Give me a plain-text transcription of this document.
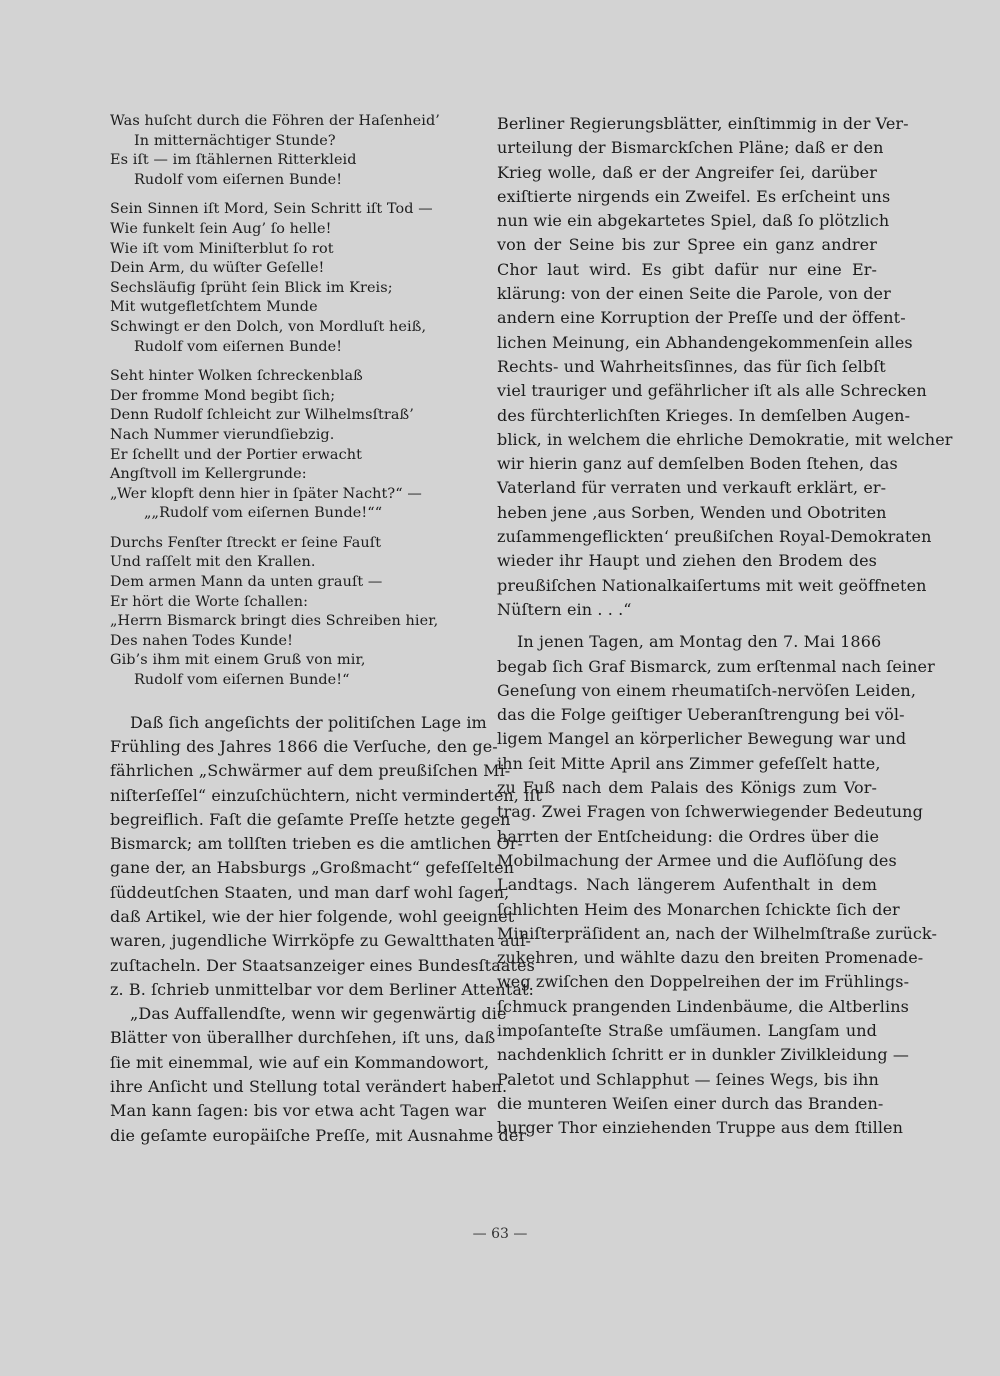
Was huſcht durch die Föhren der Haſenheid’
In mitternächtiger Stunde?
Es iſt — im ſtählernen Ritterkleid
Rudolf vom eiſernen Bunde!
Sein Sinnen iſt Mord, Sein Schritt iſt Tod —
Wie funkelt ſein Aug’ ſo helle!
Wie iſt vom Miniſterblut ſo rot
Dein Arm, du wüſter Geſelle!
Sechsläufig ſprüht ſein Blick im Kreis;
Mit wutgefletſchtem Munde
Schwingt er den Dolch, von Mordluſt heiß,
Rudolf vom eiſernen Bunde!
Seht hinter Wolken ſchreckenblaß
Der fromme Mond begibt ſich;
Denn Rudolf ſchleicht zur Wilhelmsſtraß’
Nach Nummer vierundſiebzig.
Er ſchellt und der Portier erwacht
Angſtvoll im Kellergrunde:
„Wer klopft denn hier in ſpäter Nacht?“ —
„„Rudolf vom eiſernen Bunde!““
Durchs Fenſter ſtreckt er ſeine Fauſt
Und raſſelt mit den Krallen.
Dem armen Mann da unten grauſt —
Er hört die Worte ſchallen:
„Herrn Bismarck bringt dies Schreiben hier,
Des nahen Todes Kunde!
Gib’s ihm mit einem Gruß von mir,
Rudolf vom eiſernen Bunde!“
Daß ſich angeſichts der politiſchen Lage im
Frühling des Jahres 1866 die Verſuche, den ge-
fährlichen „Schwärmer auf dem preußiſchen Mi-
niſterſeſſel“ einzuſchüchtern, nicht verminderten, iſt
begreiflich. Faſt die geſamte Preſſe hetzte gegen
Bismarck; am tollſten trieben es die amtlichen Or-
gane der, an Habsburgs „Großmacht“ gefeſſelten
ſüddeutſchen Staaten, und man darf wohl ſagen,
daß Artikel, wie der hier folgende, wohl geeignet
waren, jugendliche Wirrköpfe zu Gewaltthaten auf-
zuſtacheln. Der Staatsanzeiger eines Bundesſtaates
z. B. ſchrieb unmittelbar vor dem Berliner Attentat:
„Das Auffallendſte, wenn wir gegenwärtig die
Blätter von überallher durchſehen, iſt uns, daß
ſie mit einemmal, wie auf ein Kommandowort,
ihre Anſicht und Stellung total verändert haben.
Man kann ſagen: bis vor etwa acht Tagen war
die geſamte europäiſche Preſſe, mit Ausnahme der
Berliner Regierungsblätter, einſtimmig in der Ver-
urteilung der Bismarckſchen Pläne; daß er den
Krieg wolle, daß er der Angreifer ſei, darüber
exiſtierte nirgends ein Zweifel. Es erſcheint uns
nun wie ein abgekartetes Spiel, daß ſo plötzlich
von der Seine bis zur Spree ein ganz andrer
Chor laut wird. Es gibt dafür nur eine Er-
klärung: von der einen Seite die Parole, von der
andern eine Korruption der Preſſe und der öffent-
lichen Meinung, ein Abhandengekommenſein alles
Rechts- und Wahrheitsſinnes, das für ſich ſelbſt
viel trauriger und gefährlicher iſt als alle Schrecken
des fürchterlichſten Krieges. In demſelben Augen-
blick, in welchem die ehrliche Demokratie, mit welcher
wir hierin ganz auf demſelben Boden ſtehen, das
Vaterland für verraten und verkauft erklärt, er-
heben jene ‚aus Sorben, Wenden und Obotriten
zuſammengeflickten‘ preußiſchen Royal-Demokraten
wieder ihr Haupt und ziehen den Brodem des
preußiſchen Nationalkaiſertums mit weit geöffneten
Nüſtern ein . . .“
In jenen Tagen, am Montag den 7. Mai 1866
begab ſich Graf Bismarck, zum erſtenmal nach ſeiner
Geneſung von einem rheumatiſch-nervöſen Leiden,
das die Folge geiſtiger Ueberanſtrengung bei völ-
ligem Mangel an körperlicher Bewegung war und
ihn ſeit Mitte April ans Zimmer gefeſſelt hatte,
zu Fuß nach dem Palais des Königs zum Vor-
trag. Zwei Fragen von ſchwerwiegender Bedeutung
harrten der Entſcheidung: die Ordres über die
Mobilmachung der Armee und die Auflöſung des
Landtags. Nach längerem Aufenthalt in dem
ſchlichten Heim des Monarchen ſchickte ſich der
Miniſterpräſident an, nach der Wilhelmſtraße zurück-
zukehren, und wählte dazu den breiten Promenade-
weg zwiſchen den Doppelreihen der im Frühlings-
ſchmuck prangenden Lindenbäume, die Altberlins
impoſanteſte Straße umſäumen. Langſam und
nachdenklich ſchritt er in dunkler Zivilkleidung —
Paletot und Schlapphut — ſeines Wegs, bis ihn
die munteren Weiſen einer durch das Branden-
burger Thor einziehenden Truppe aus dem ſtillen
— 63 —
